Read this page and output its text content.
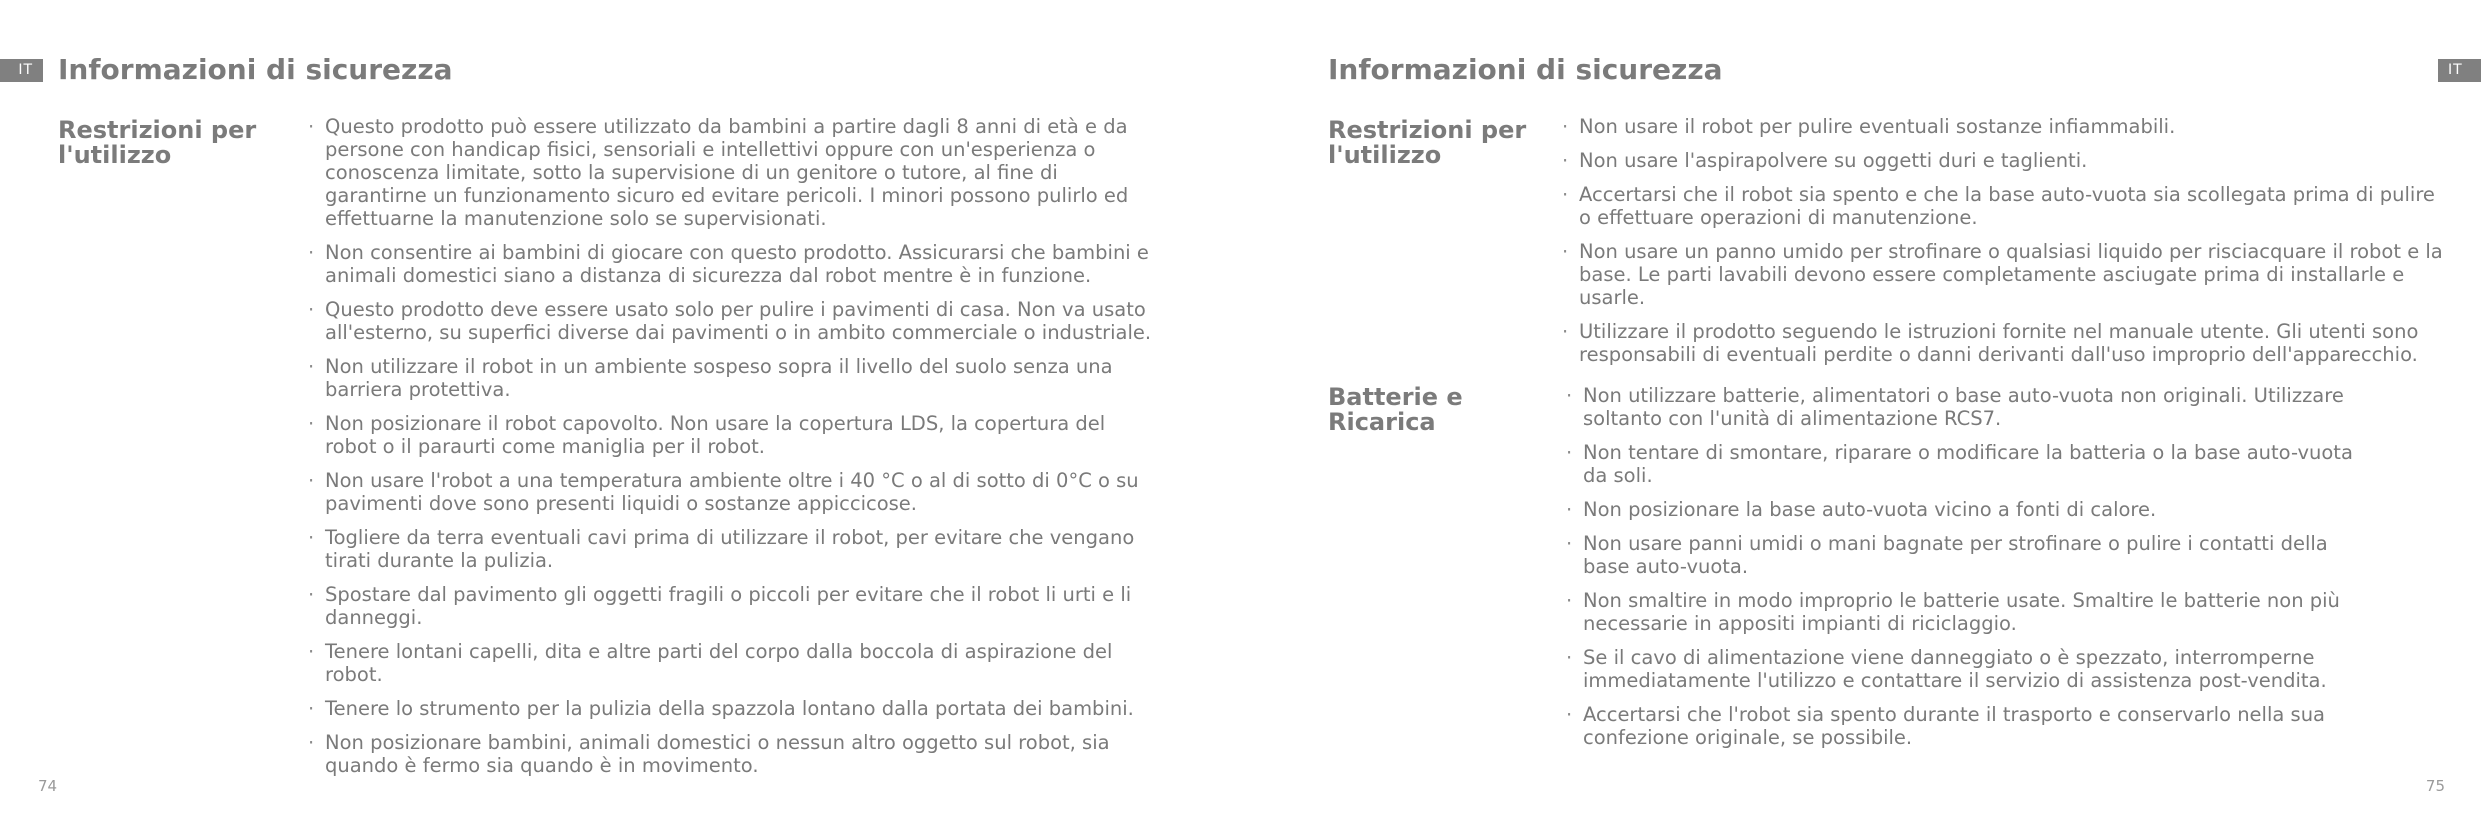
IT Informazioni di sicurezza
Restrizioni per l'utilizzo
· Questo prodotto può essere utilizzato da bambini a partire dagli 8 anni di età e da persone con handicap fisici, sensoriali e intellettivi oppure con un'esperienza o conoscenza limitate, sotto la supervisione di un genitore o tutore, al fine di garantirne un funzionamento sicuro ed evitare pericoli. I minori possono pulirlo ed effettuarne la manutenzione solo se supervisionati.
· Non consentire ai bambini di giocare con questo prodotto. Assicurarsi che bambini e animali domestici siano a distanza di sicurezza dal robot mentre è in funzione.
· Questo prodotto deve essere usato solo per pulire i pavimenti di casa. Non va usato all'esterno, su superfici diverse dai pavimenti o in ambito commerciale o industriale.
· Non utilizzare il robot in un ambiente sospeso sopra il livello del suolo senza una barriera protettiva.
· Non posizionare il robot capovolto. Non usare la copertura LDS, la copertura del robot o il paraurti come maniglia per il robot.
· Non usare l'robot a una temperatura ambiente oltre i 40 °C o al di sotto di 0°C o su pavimenti dove sono presenti liquidi o sostanze appiccicose.
· Togliere da terra eventuali cavi prima di utilizzare il robot, per evitare che vengano tirati durante la pulizia.
· Spostare dal pavimento gli oggetti fragili o piccoli per evitare che il robot li urti e li danneggi.
· Tenere lontani capelli, dita e altre parti del corpo dalla boccola di aspirazione del robot.
· Tenere lo strumento per la pulizia della spazzola lontano dalla portata dei bambini.
· Non posizionare bambini, animali domestici o nessun altro oggetto sul robot, sia quando è fermo sia quando è in movimento.
74
IT
Informazioni di sicurezza
Restrizioni per l'utilizzo
· Non usare il robot per pulire eventuali sostanze infiammabili.
· Non usare l'aspirapolvere su oggetti duri e taglienti.
· Accertarsi che il robot sia spento e che la base auto-vuota sia scollegata prima di pulire o effettuare operazioni di manutenzione.
· Non usare un panno umido per strofinare o qualsiasi liquido per risciacquare il robot e la base. Le parti lavabili devono essere completamente asciugate prima di installarle e usarle.
· Utilizzare il prodotto seguendo le istruzioni fornite nel manuale utente. Gli utenti sono responsabili di eventuali perdite o danni derivanti dall'uso improprio dell'apparecchio.
Batterie e Ricarica
· Non utilizzare batterie, alimentatori o base auto-vuota non originali. Utilizzare soltanto con l'unità di alimentazione RCS7.
· Non tentare di smontare, riparare o modificare la batteria o la base auto-vuota da soli.
· Non posizionare la base auto-vuota vicino a fonti di calore.
· Non usare panni umidi o mani bagnate per strofinare o pulire i contatti della base auto-vuota.
· Non smaltire in modo improprio le batterie usate. Smaltire le batterie non più necessarie in appositi impianti di riciclaggio.
· Se il cavo di alimentazione viene danneggiato o è spezzato, interromperne immediatamente l'utilizzo e contattare il servizio di assistenza post-vendita.
· Accertarsi che l'robot sia spento durante il trasporto e conservarlo nella sua confezione originale, se possibile.
75
